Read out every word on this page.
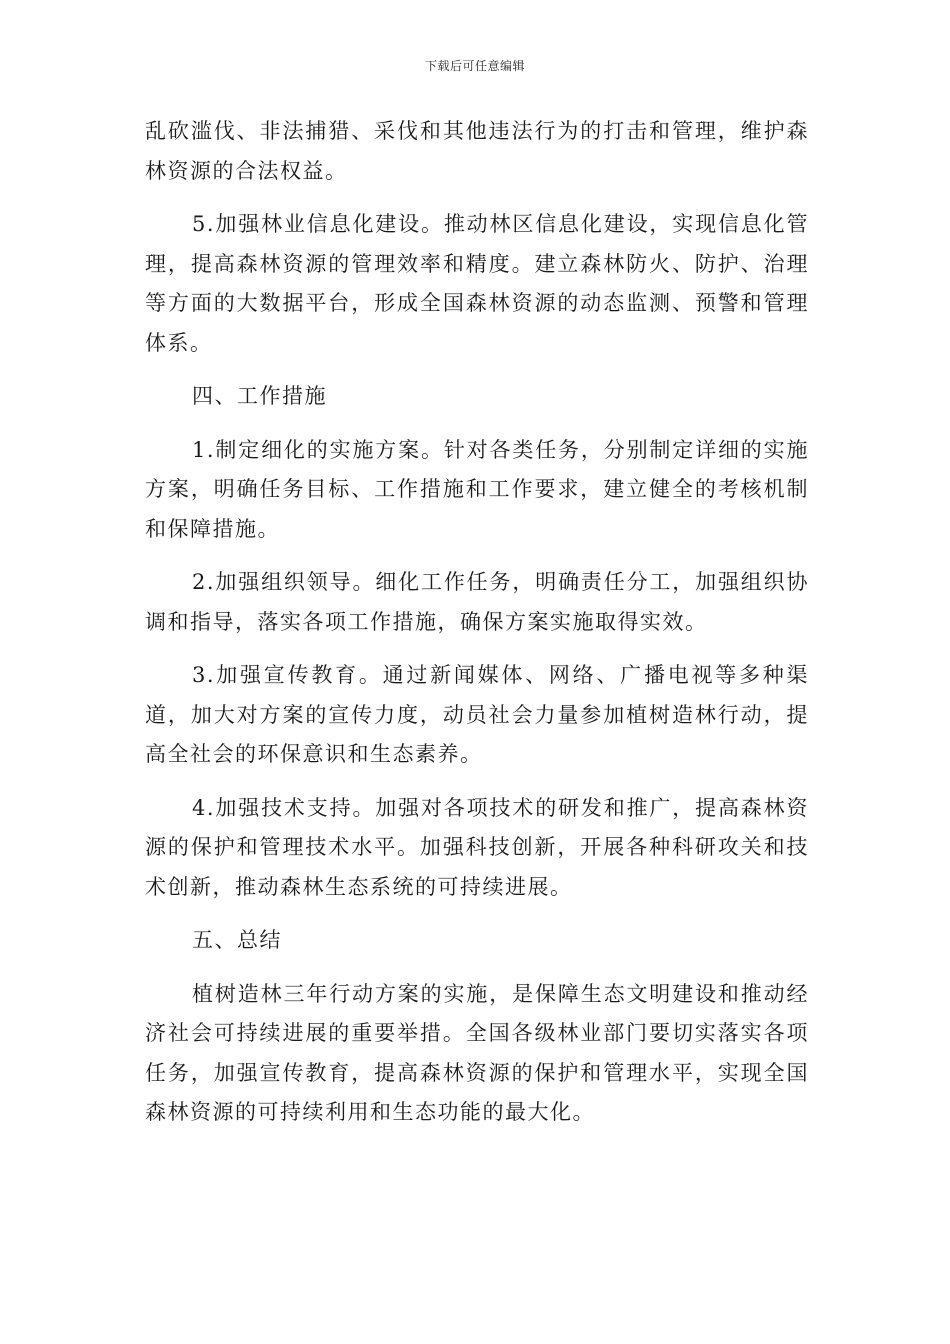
下载后可任意编辑

乱砍滥伐、非法捕猎、采伐和其他违法行为的打击和管理，维护森林资源的合法权益。

5.加强林业信息化建设。推动林区信息化建设，实现信息化管理，提高森林资源的管理效率和精度。建立森林防火、防护、治理等方面的大数据平台，形成全国森林资源的动态监测、预警和管理体系。

四、工作措施

1.制定细化的实施方案。针对各类任务，分别制定详细的实施方案，明确任务目标、工作措施和工作要求，建立健全的考核机制和保障措施。

2.加强组织领导。细化工作任务，明确责任分工，加强组织协调和指导，落实各项工作措施，确保方案实施取得实效。

3.加强宣传教育。通过新闻媒体、网络、广播电视等多种渠道，加大对方案的宣传力度，动员社会力量参加植树造林行动，提高全社会的环保意识和生态素养。

4.加强技术支持。加强对各项技术的研发和推广，提高森林资源的保护和管理技术水平。加强科技创新，开展各种科研攻关和技术创新，推动森林生态系统的可持续进展。

五、总结

植树造林三年行动方案的实施，是保障生态文明建设和推动经济社会可持续进展的重要举措。全国各级林业部门要切实落实各项任务，加强宣传教育，提高森林资源的保护和管理水平，实现全国森林资源的可持续利用和生态功能的最大化。
